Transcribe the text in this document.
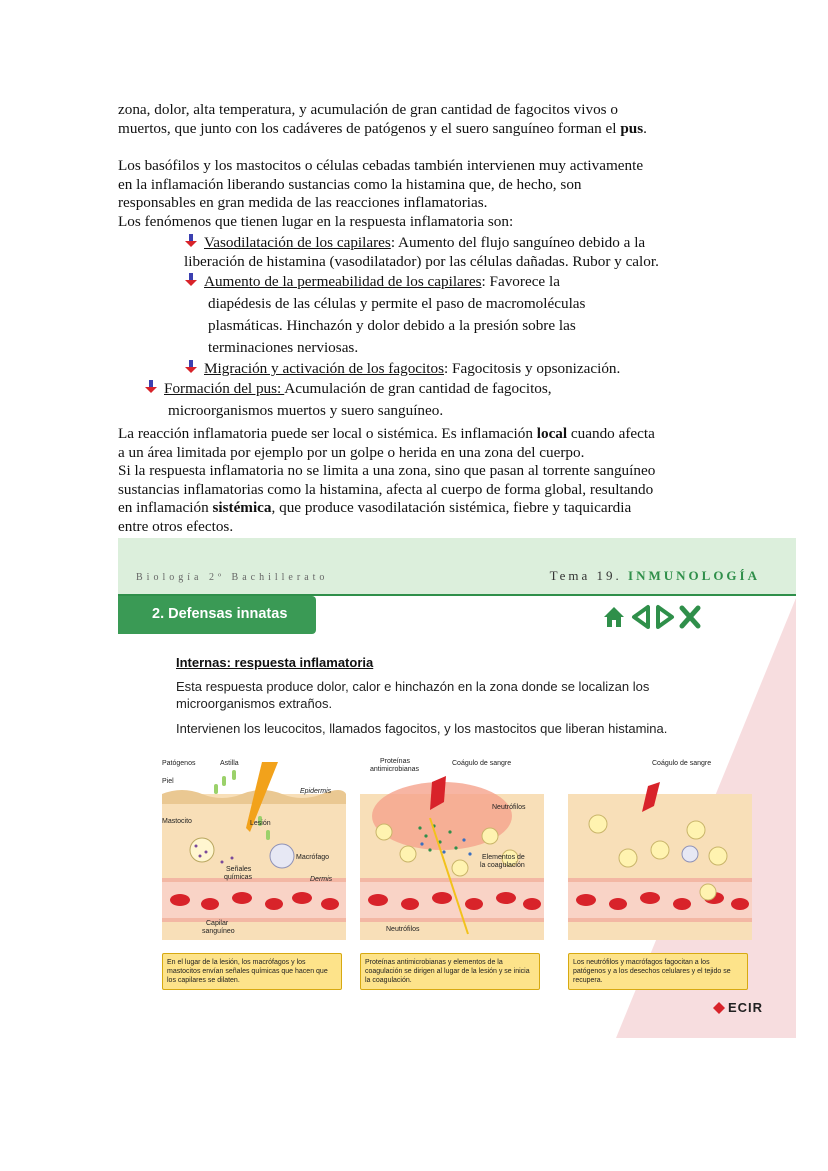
zona, dolor, alta temperatura, y acumulación de gran cantidad de fagocitos vivos o
muertos, que junto con los cadáveres de patógenos y el suero sanguíneo forman el pus.
Los basófilos y los mastocitos o células cebadas también intervienen muy activamente
en la inflamación liberando sustancias como la histamina que, de hecho, son
responsables en gran medida de las reacciones inflamatorias.
Los fenómenos que tienen lugar en la respuesta inflamatoria son:
Vasodilatación de los capilares: Aumento del flujo sanguíneo debido a la
liberación de histamina (vasodilatador) por las células dañadas. Rubor y calor.
Aumento de la permeabilidad de los capilares: Favorece la
diapédesis de las células y permite el paso de macromoléculas
plasmáticas. Hinchazón y dolor debido a la presión sobre las
terminaciones nerviosas.
Migración y activación de los fagocitos: Fagocitosis y opsonización.
Formación del pus: Acumulación de gran cantidad de fagocitos,
microorganismos muertos y suero sanguíneo.
La reacción inflamatoria puede ser local o sistémica. Es inflamación local cuando afecta
a un área limitada por ejemplo por un golpe o herida en una zona del cuerpo.
Si la respuesta inflamatoria no se limita a una zona, sino que pasan al torrente sanguíneo
sustancias inflamatorias como la histamina, afecta al cuerpo de forma global, resultando
en inflamación sistémica, que produce vasodilatación sistémica, fiebre y taquicardia
entre otros efectos.
Biología 2º Bachillerato	Tema 19. INMUNOLOGÍA
2. Defensas innatas
Internas: respuesta inflamatoria
Esta respuesta produce dolor, calor e hinchazón en la zona donde se localizan los
microorganismos extraños.
Intervienen los leucocitos, llamados fagocitos, y los mastocitos que liberan histamina.
Patógenos	Astilla
Piel
Epidermis
Mastocito	Lesión
Señales
químicas
Macrófago
Dermis
Capilar
sanguíneo
En el lugar de la lesión, los macrófagos y los mastocitos envían señales químicas que hacen que los capilares se dilaten.
Proteínas
antimicrobianas
Coágulo de sangre
Neutrófilos
Elementos de
la coagulación
Neutrófilos
Proteínas antimicrobianas y elementos de la coagulación se dirigen al lugar de la lesión y se inicia la coagulación.
Coágulo de sangre
Los neutrófilos y macrófagos fagocitan a los patógenos y a los desechos celulares y el tejido se recupera.
ECIR
